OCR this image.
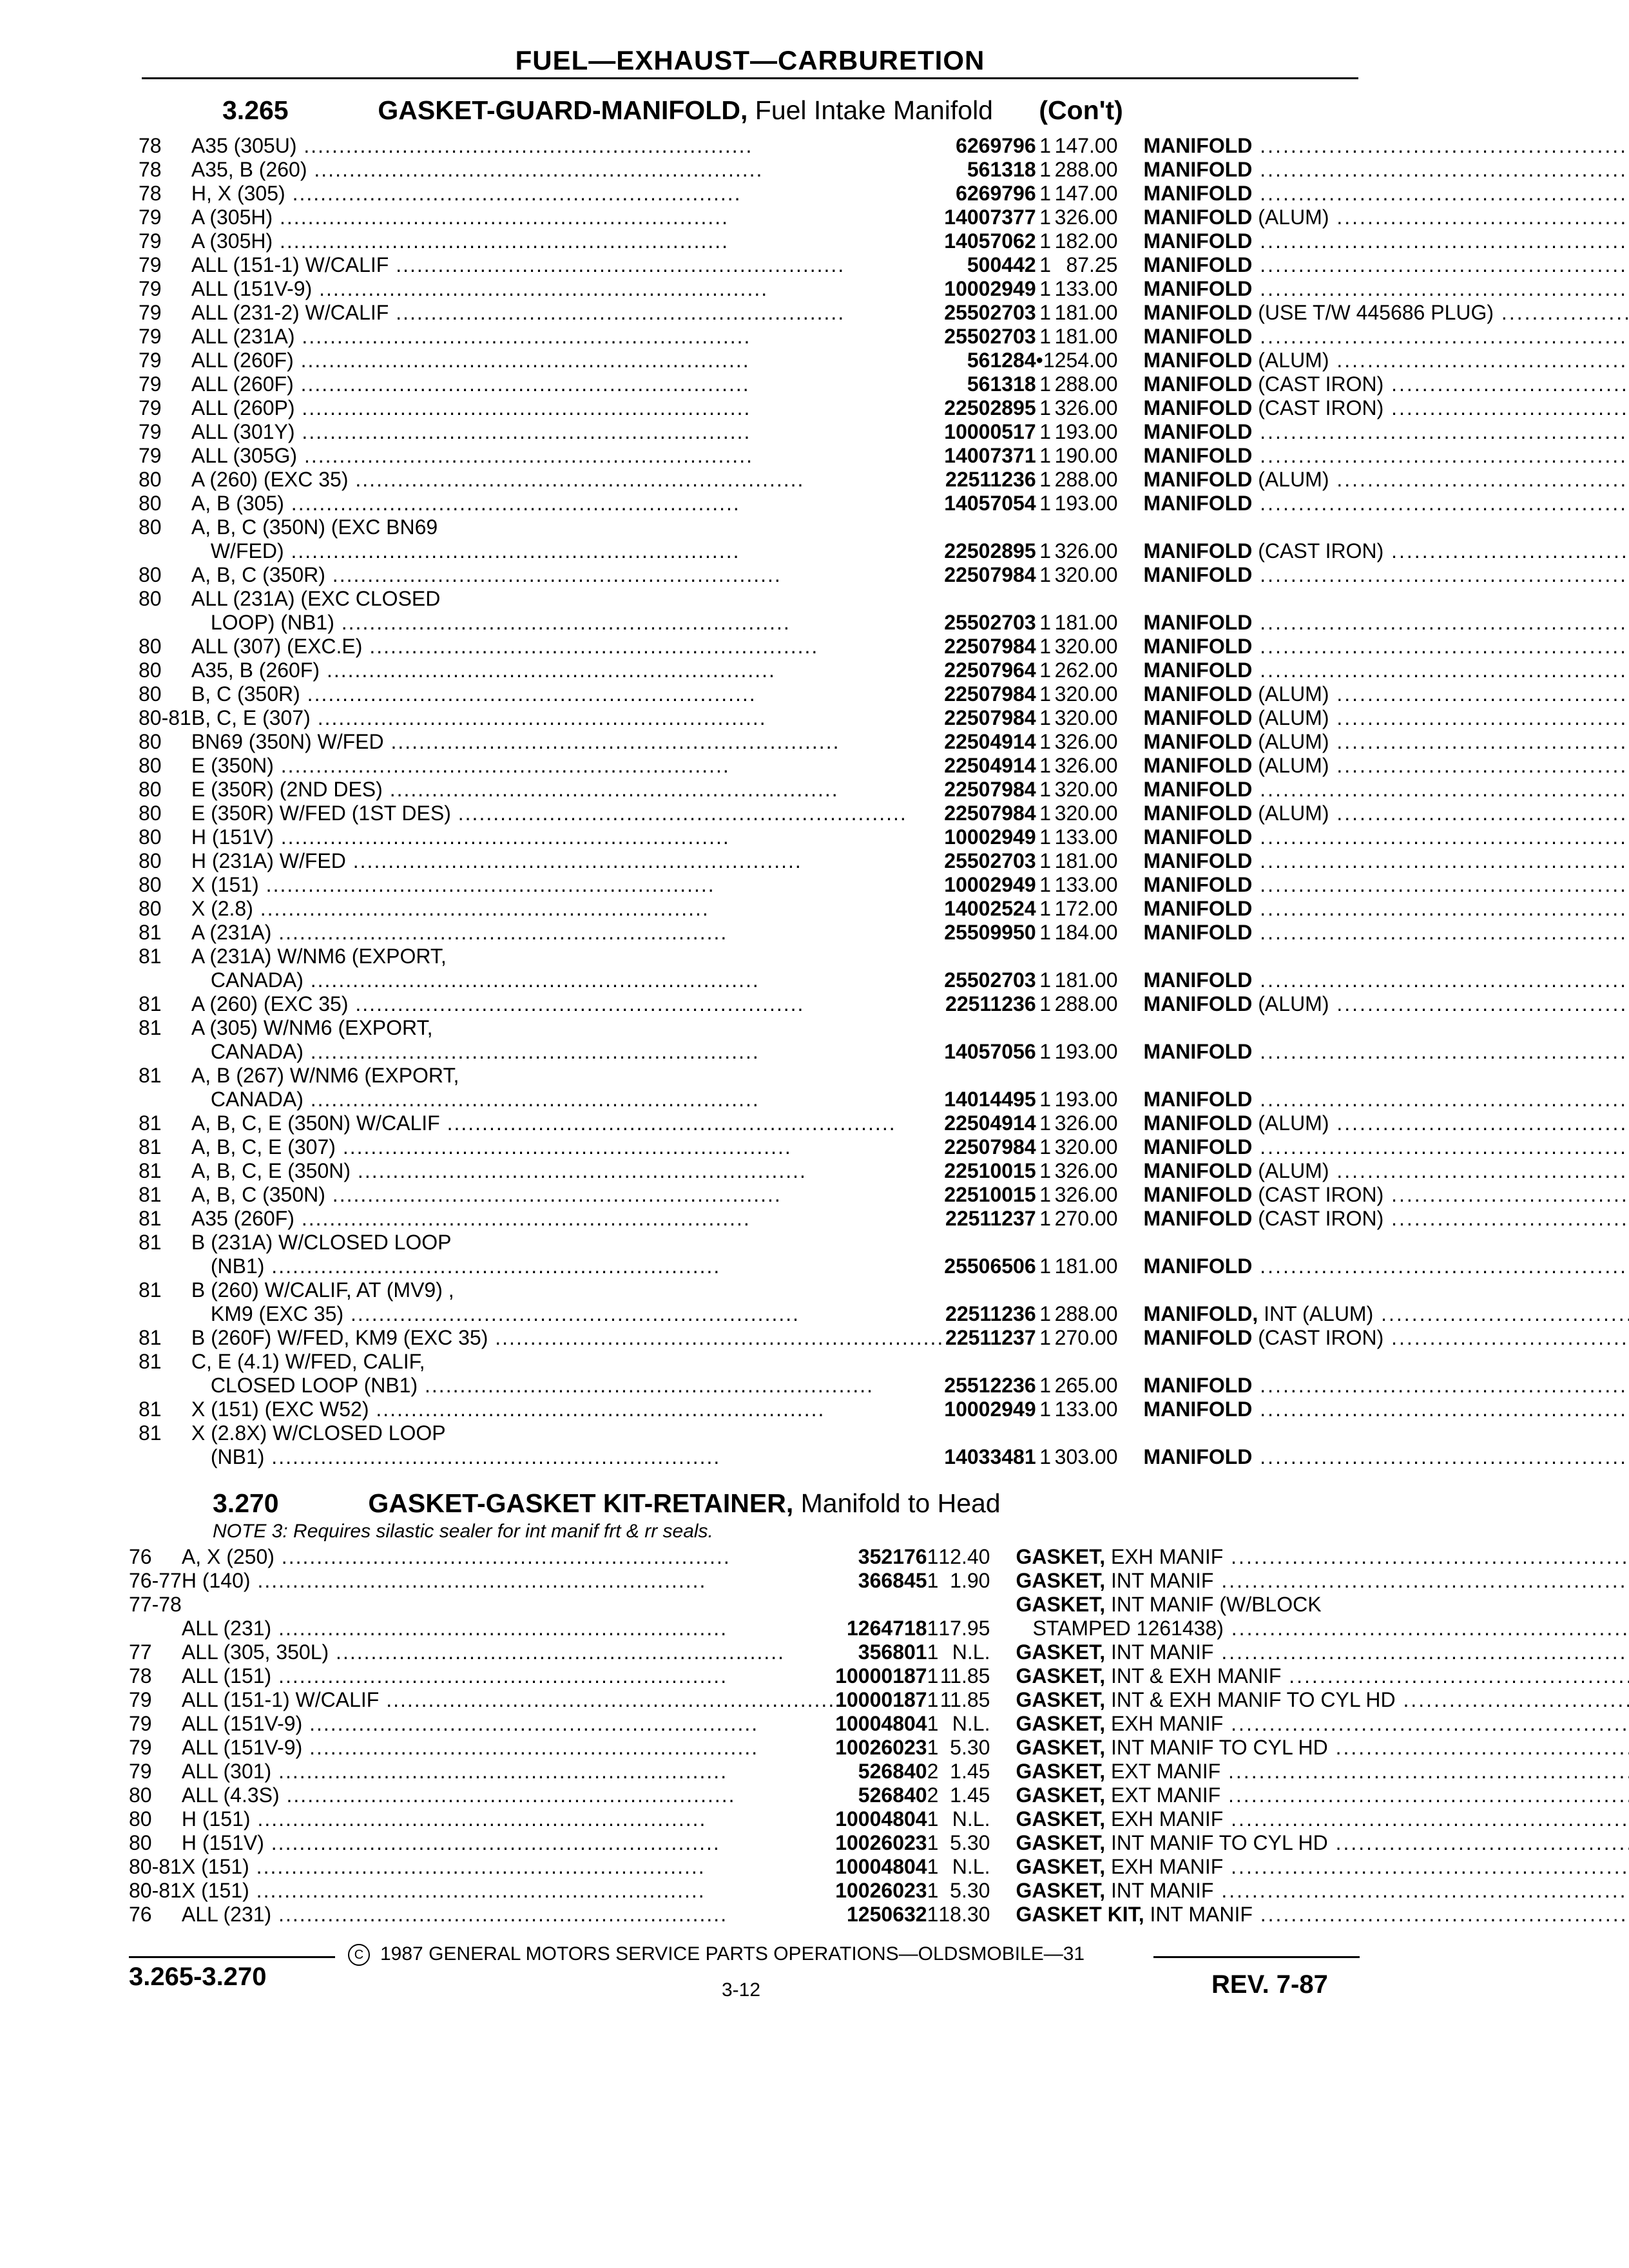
FUEL—EXHAUST—CARBURETION
3.265	GASKET-GUARD-MANIFOLD, Fuel Intake Manifold (Con't)
78	A35 (305U) .....	6269796	1	147.00	MANIFOLD .....

78	A35, B (260) .....	561318	1	288.00	MANIFOLD .....

78	H, X (305) .....	6269796	1	147.00	MANIFOLD .....

79	A (305H) .....	14007377	1	326.00	MANIFOLD (ALUM) .....

79	A (305H) .....	14057062	1	182.00	MANIFOLD .....

79	ALL (151-1) W/CALIF .....	500442	1	87.25	MANIFOLD .....

79	ALL (151V-9) .....	10002949	1	133.00	MANIFOLD .....

79	ALL (231-2) W/CALIF .....	25502703	1	181.00	MANIFOLD (USE T/W 445686 PLUG) .....

79	ALL (231A) .....	25502703	1	181.00	MANIFOLD .....

79	ALL (260F) .....	561284	•1	254.00	MANIFOLD (ALUM) .....

79	ALL (260F) .....	561318	1	288.00	MANIFOLD (CAST IRON) .....

79	ALL (260P) .....	22502895	1	326.00	MANIFOLD (CAST IRON) .....

79	ALL (301Y) .....	10000517	1	193.00	MANIFOLD .....

79	ALL (305G) .....	14007371	1	190.00	MANIFOLD .....

80	A (260) (EXC 35) .....	22511236	1	288.00	MANIFOLD (ALUM) .....

80	A, B (305) .....	14057054	1	193.00	MANIFOLD .....

80	A, B, C (350N) (EXC BN69
W/FED) .....	22502895	1	326.00	MANIFOLD (CAST IRON) .....

80	A, B, C (350R) .....	22507984	1	320.00	MANIFOLD .....

80	ALL (231A) (EXC CLOSED
LOOP) (NB1) .....	25502703	1	181.00	MANIFOLD .....

80	ALL (307) (EXC.E) .....	22507984	1	320.00	MANIFOLD .....

80	A35, B (260F) .....	22507964	1	262.00	MANIFOLD .....

80	B, C (350R) .....	22507984	1	320.00	MANIFOLD (ALUM) .....

80-81	B, C, E (307) .....	22507984	1	320.00	MANIFOLD (ALUM) .....

80	BN69 (350N) W/FED .....	22504914	1	326.00	MANIFOLD (ALUM) .....

80	E (350N) .....	22504914	1	326.00	MANIFOLD (ALUM) .....

80	E (350R) (2ND DES) .....	22507984	1	320.00	MANIFOLD .....

80	E (350R) W/FED (1ST DES) .....	22507984	1	320.00	MANIFOLD (ALUM) .....

80	H (151V) .....	10002949	1	133.00	MANIFOLD .....

80	H (231A) W/FED .....	25502703	1	181.00	MANIFOLD .....

80	X (151) .....	10002949	1	133.00	MANIFOLD .....

80	X (2.8) .....	14002524	1	172.00	MANIFOLD .....

81	A (231A) .....	25509950	1	184.00	MANIFOLD .....

81	A (231A) W/NM6 (EXPORT,
CANADA) .....	25502703	1	181.00	MANIFOLD .....

81	A (260) (EXC 35) .....	22511236	1	288.00	MANIFOLD (ALUM) .....

81	A (305) W/NM6 (EXPORT,
CANADA) .....	14057056	1	193.00	MANIFOLD .....

81	A, B (267) W/NM6 (EXPORT,
CANADA) .....	14014495	1	193.00	MANIFOLD .....

81	A, B, C, E (350N) W/CALIF .....	22504914	1	326.00	MANIFOLD (ALUM) .....

81	A, B, C, E (307) .....	22507984	1	320.00	MANIFOLD .....

81	A, B, C, E (350N) .....	22510015	1	326.00	MANIFOLD (ALUM) .....

81	A, B, C (350N) .....	22510015	1	326.00	MANIFOLD (CAST IRON) .....

81	A35 (260F) .....	22511237	1	270.00	MANIFOLD (CAST IRON) .....

81	B (231A) W/CLOSED LOOP
(NB1) .....	25506506	1	181.00	MANIFOLD .....

81	B (260) W/CALIF, AT (MV9) ,
KM9 (EXC 35) .....	22511236	1	288.00	MANIFOLD, INT (ALUM) .....

81	B (260F) W/FED, KM9 (EXC 35) .....	22511237	1	270.00	MANIFOLD (CAST IRON) .....

81	C, E (4.1) W/FED, CALIF,
CLOSED LOOP (NB1) .....	25512236	1	265.00	MANIFOLD .....

81	X (151) (EXC W52) .....	10002949	1	133.00	MANIFOLD .....

81	X (2.8X) W/CLOSED LOOP
(NB1) .....	14033481	1	303.00	MANIFOLD .....
3.270	GASKET-GASKET KIT-RETAINER, Manifold to Head
NOTE 3: Requires silastic sealer for int manif frt & rr seals.
76	A, X (250) .....	352176	1	12.40	GASKET, EXH MANIF .....

76-77	H (140) .....	366845	1	1.90	GASKET, INT MANIF .....

77-78	ALL (231) .....	1264718	1	17.95	GASKET, INT MANIF (W/BLOCK
STAMPED 1261438) .....

77	ALL (305, 350L) .....	356801	1	N.L.	GASKET, INT MANIF .....

78	ALL (151) .....	10000187	1	11.85	GASKET, INT & EXH MANIF .....

79	ALL (151-1) W/CALIF .....	10000187	1	11.85	GASKET, INT & EXH MANIF TO CYL HD .....

79	ALL (151V-9) .....	10004804	1	N.L.	GASKET, EXH MANIF .....

79	ALL (151V-9) .....	10026023	1	5.30	GASKET, INT MANIF TO CYL HD .....

79	ALL (301) .....	526840	2	1.45	GASKET, EXT MANIF .....

80	ALL (4.3S) .....	526840	2	1.45	GASKET, EXT MANIF .....

80	H (151) .....	10004804	1	N.L.	GASKET, EXH MANIF .....

80	H (151V) .....	10026023	1	5.30	GASKET, INT MANIF TO CYL HD .....

80-81	X (151) .....	10004804	1	N.L.	GASKET, EXH MANIF .....

80-81	X (151) .....	10026023	1	5.30	GASKET, INT MANIF .....

76	ALL (231) .....	1250632	1	18.30	GASKET KIT, INT MANIF .....
C 1987 GENERAL MOTORS SERVICE PARTS OPERATIONS—OLDSMOBILE—31
3.265-3.270	3-12	REV. 7-87
